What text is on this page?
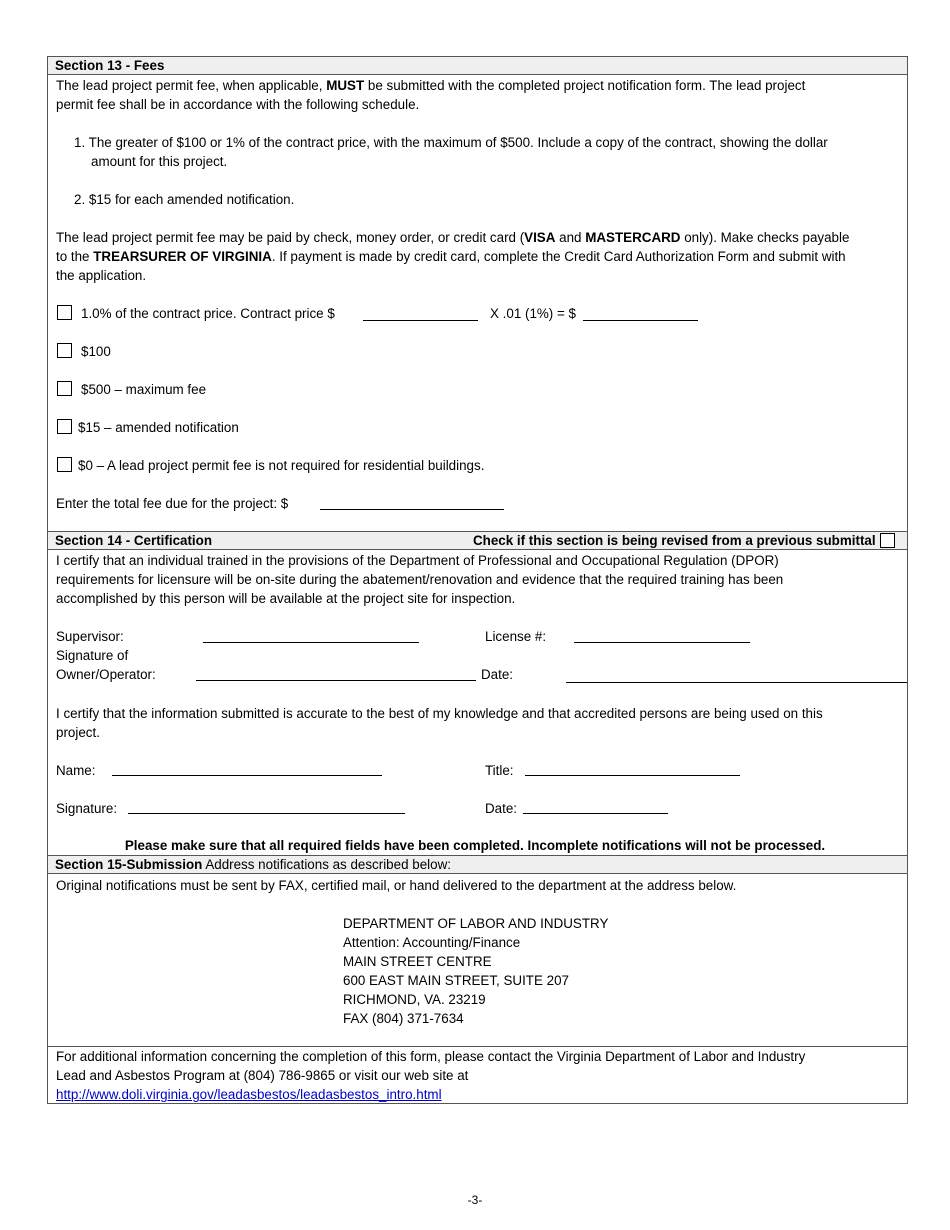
Section 13 - Fees
The lead project permit fee, when applicable, MUST be submitted with the completed project notification form. The lead project
permit fee shall be in accordance with the following schedule.
1. The greater of $100 or 1% of the contract price, with the maximum of $500. Include a copy of the contract, showing the dollar
amount for this project.
2. $15 for each amended notification.
The lead project permit fee may be paid by check, money order, or credit card (VISA and MASTERCARD only). Make checks payable
to the TREARSURER OF VIRGINIA. If payment is made by credit card, complete the Credit Card Authorization Form and submit with
the application.
1.0% of the contract price. Contract price $	X .01 (1%) = $
$100
$500 – maximum fee
$15 – amended notification
$0 – A lead project permit fee is not required for residential buildings.
Enter the total fee due for the project: $
Section 14 - Certification	Check if this section is being revised from a previous submittal
I certify that an individual trained in the provisions of the Department of Professional and Occupational Regulation (DPOR)
requirements for licensure will be on-site during the abatement/renovation and evidence that the required training has been
accomplished by this person will be available at the project site for inspection.
Supervisor:	License #:
Signature of
Owner/Operator:	Date:
I certify that the information submitted is accurate to the best of my knowledge and that accredited persons are being used on this
project.
Name:	Title:
Signature:	Date:
Please make sure that all required fields have been completed. Incomplete notifications will not be processed.
Section 15-Submission Address notifications as described below:
Original notifications must be sent by FAX, certified mail, or hand delivered to the department at the address below.
DEPARTMENT OF LABOR AND INDUSTRY
Attention: Accounting/Finance
MAIN STREET CENTRE
600 EAST MAIN STREET, SUITE 207
RICHMOND, VA. 23219
FAX (804) 371-7634
For additional information concerning the completion of this form, please contact the Virginia Department of Labor and Industry
Lead and Asbestos Program at (804) 786-9865 or visit our web site at
http://www.doli.virginia.gov/leadasbestos/leadasbestos_intro.html
-3-
